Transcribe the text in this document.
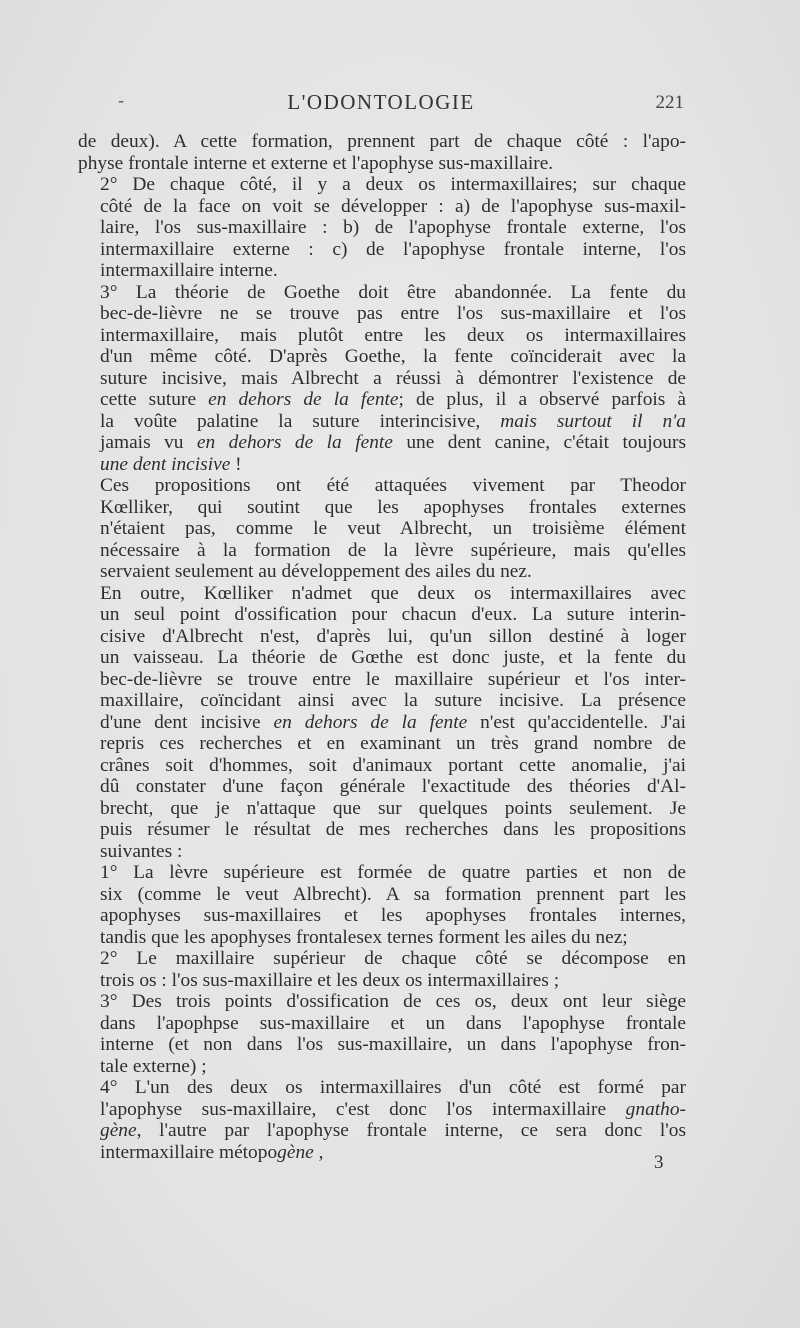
-	L'ODONTOLOGIE	221

de deux). A cette formation, prennent part de chaque côté : l'apo-
physe frontale interne et externe et l'apophyse sus-maxillaire.

2° De chaque côté, il y a deux os intermaxillaires; sur chaque
côté de la face on voit se développer : a) de l'apophyse sus-maxil-
laire, l'os sus-maxillaire : b) de l'apophyse frontale externe, l'os
intermaxillaire externe : c) de l'apophyse frontale interne, l'os
intermaxillaire interne.

3° La théorie de Goethe doit être abandonnée. La fente du
bec-de-lièvre ne se trouve pas entre l'os sus-maxillaire et l'os
intermaxillaire, mais plutôt entre les deux os intermaxillaires
d'un même côté. D'après Goethe, la fente coïnciderait avec la
suture incisive, mais Albrecht a réussi à démontrer l'existence de
cette suture en dehors de la fente; de plus, il a observé parfois à
la voûte palatine la suture interincisive, mais surtout il n'a
jamais vu en dehors de la fente une dent canine, c'était toujours
une dent incisive !

Ces propositions ont été attaquées vivement par Theodor
Kœlliker, qui soutint que les apophyses frontales externes
n'étaient pas, comme le veut Albrecht, un troisième élément
nécessaire à la formation de la lèvre supérieure, mais qu'elles
servaient seulement au développement des ailes du nez.

En outre, Kœlliker n'admet que deux os intermaxillaires avec
un seul point d'ossification pour chacun d'eux. La suture interin-
cisive d'Albrecht n'est, d'après lui, qu'un sillon destiné à loger
un vaisseau. La théorie de Gœthe est donc juste, et la fente du
bec-de-lièvre se trouve entre le maxillaire supérieur et l'os inter-
maxillaire, coïncidant ainsi avec la suture incisive. La présence
d'une dent incisive en dehors de la fente n'est qu'accidentelle. J'ai
repris ces recherches et en examinant un très grand nombre de
crânes soit d'hommes, soit d'animaux portant cette anomalie, j'ai
dû constater d'une façon générale l'exactitude des théories d'Al-
brecht, que je n'attaque que sur quelques points seulement. Je
puis résumer le résultat de mes recherches dans les propositions
suivantes :

1° La lèvre supérieure est formée de quatre parties et non de
six (comme le veut Albrecht). A sa formation prennent part les
apophyses sus-maxillaires et les apophyses frontales internes,
tandis que les apophyses frontalesex ternes forment les ailes du nez;

2° Le maxillaire supérieur de chaque côté se décompose en
trois os : l'os sus-maxillaire et les deux os intermaxillaires ;

3° Des trois points d'ossification de ces os, deux ont leur siège
dans l'apophpse sus-maxillaire et un dans l'apophyse frontale
interne (et non dans l'os sus-maxillaire, un dans l'apophyse fron-
tale externe) ;

4° L'un des deux os intermaxillaires d'un côté est formé par
l'apophyse sus-maxillaire, c'est donc l'os intermaxillaire gnatho-
gène, l'autre par l'apophyse frontale interne, ce sera donc l'os
intermaxillaire métopogène ,	3
